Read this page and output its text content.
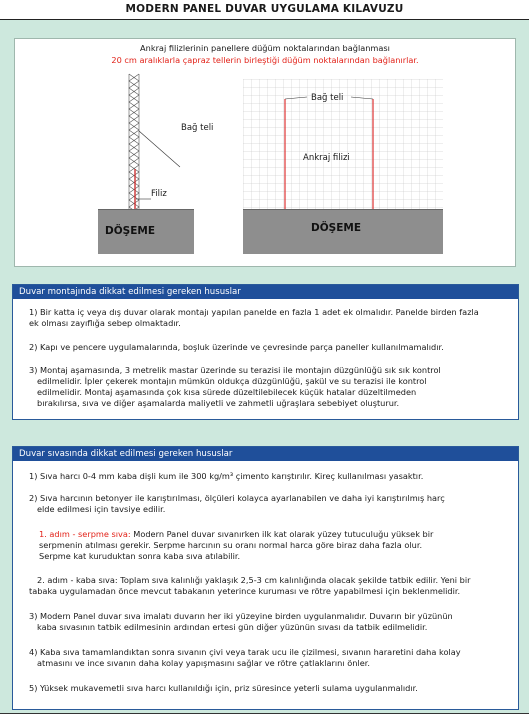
MODERN PANEL DUVAR UYGULAMA KILAVUZU
Ankraj filizlerinin panellere düğüm noktalarından bağlanması
20 cm aralıklarla çapraz tellerin birleştiği düğüm noktalarından bağlanırlar.
Bağ teli
Filiz
DÖŞEME
Bağ teli
Ankraj filizi
DÖŞEME
Duvar montajında dikkat edilmesi gereken hususlar
1) Bir katta iç veya dış duvar olarak montajı yapılan panelde en fazla 1 adet ek olmalıdır. Panelde birden fazla
ek olması zayıflığa sebep olmaktadır.
2) Kapı ve pencere uygulamalarında, boşluk üzerinde ve çevresinde parça paneller kullanılmamalıdır.
3) Montaj aşamasında, 3 metrelik mastar üzerinde su terazisi ile montajın düzgünlüğü sık sık kontrol
edilmelidir. İpler çekerek montajın mümkün oldukça düzgünlüğü, şakül ve su terazisi ile kontrol
edilmelidir. Montaj aşamasında çok kısa sürede düzeltilebilecek küçük hatalar düzeltilmeden
bırakılırsa, sıva ve diğer aşamalarda maliyetli ve zahmetli uğraşlara sebebiyet oluşturur.
Duvar sıvasında dikkat edilmesi gereken hususlar
1) Sıva harcı 0-4 mm kaba dişli kum ile 300 kg/m³ çimento karıştırılır. Kireç kullanılması yasaktır.
2) Sıva harcının betonyer ile karıştırılması, ölçüleri kolayca ayarlanabilen ve daha iyi karıştırılmış harç
elde edilmesi için tavsiye edilir.
1. adım - serpme sıva: Modern Panel duvar sıvanırken ilk kat olarak yüzey tutuculuğu yüksek bir
serpmenin atılması gerekir. Serpme harcının su oranı normal harca göre biraz daha fazla olur.
Serpme kat kuruduktan sonra kaba sıva atılabilir.
2. adım - kaba sıva: Toplam sıva kalınlığı yaklaşık 2,5-3 cm kalınlığında olacak şekilde tatbik edilir. Yeni bir
tabaka uygulamadan önce mevcut tabakanın yeterince kuruması ve rötre yapabilmesi için beklenmelidir.
3) Modern Panel duvar sıva imalatı duvarın her iki yüzeyine birden uygulanmalıdır. Duvarın bir yüzünün
kaba sıvasının tatbik edilmesinin ardından ertesi gün diğer yüzünün sıvası da tatbik edilmelidir.
4) Kaba sıva tamamlandıktan sonra sıvanın çivi veya tarak ucu ile çizilmesi, sıvanın hararetini daha kolay
atmasını ve ince sıvanın daha kolay yapışmasını sağlar ve rötre çatlaklarını önler.
5) Yüksek mukavemetli sıva harcı kullanıldığı için, priz süresince yeterli sulama uygulanmalıdır.
